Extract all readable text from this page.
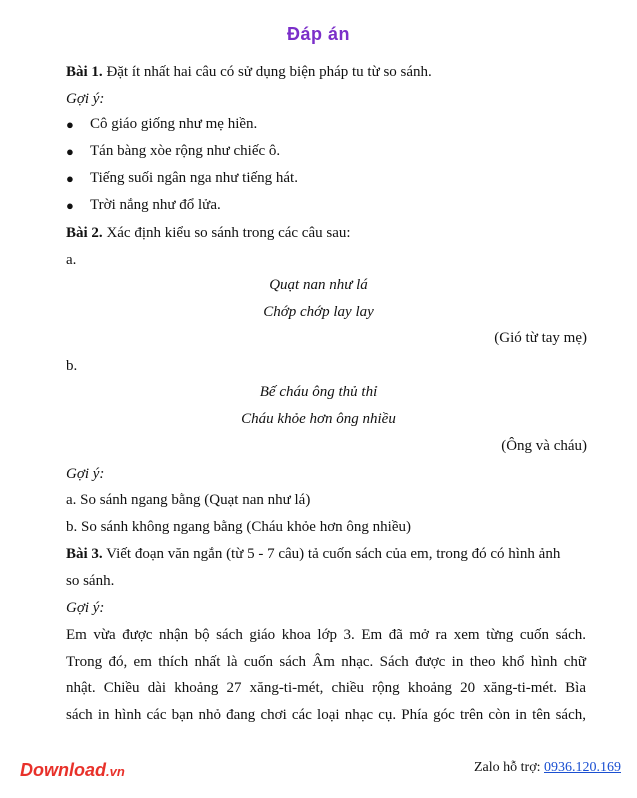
Đáp án
Bài 1. Đặt ít nhất hai câu có sử dụng biện pháp tu từ so sánh.
Gợi ý:
● Cô giáo giống như mẹ hiền.
● Tán bàng xòe rộng như chiếc ô.
● Tiếng suối ngân nga như tiếng hát.
● Trời nắng như đổ lửa.
Bài 2. Xác định kiểu so sánh trong các câu sau:
a.
Quạt nan như lá
Chớp chớp lay lay
(Gió từ tay mẹ)
b.
Bế cháu ông thủ thỉ
Cháu khỏe hơn ông nhiều
(Ông và cháu)
Gợi ý:
a. So sánh ngang bằng (Quạt nan như lá)
b. So sánh không ngang bằng (Cháu khỏe hơn ông nhiều)
Bài 3. Viết đoạn văn ngắn (từ 5 - 7 câu) tả cuốn sách của em, trong đó có hình ảnh
so sánh.
Gợi ý:
Em vừa được nhận bộ sách giáo khoa lớp 3. Em đã mở ra xem từng cuốn sách.
Trong đó, em thích nhất là cuốn sách Âm nhạc. Sách được in theo khổ hình chữ
nhật. Chiều dài khoảng 27 xăng-ti-mét, chiều rộng khoảng 20 xăng-ti-mét. Bìa
sách in hình các bạn nhỏ đang chơi các loại nhạc cụ. Phía góc trên còn in tên sách,
Download.vn	Zalo hỗ trợ: 0936.120.169
